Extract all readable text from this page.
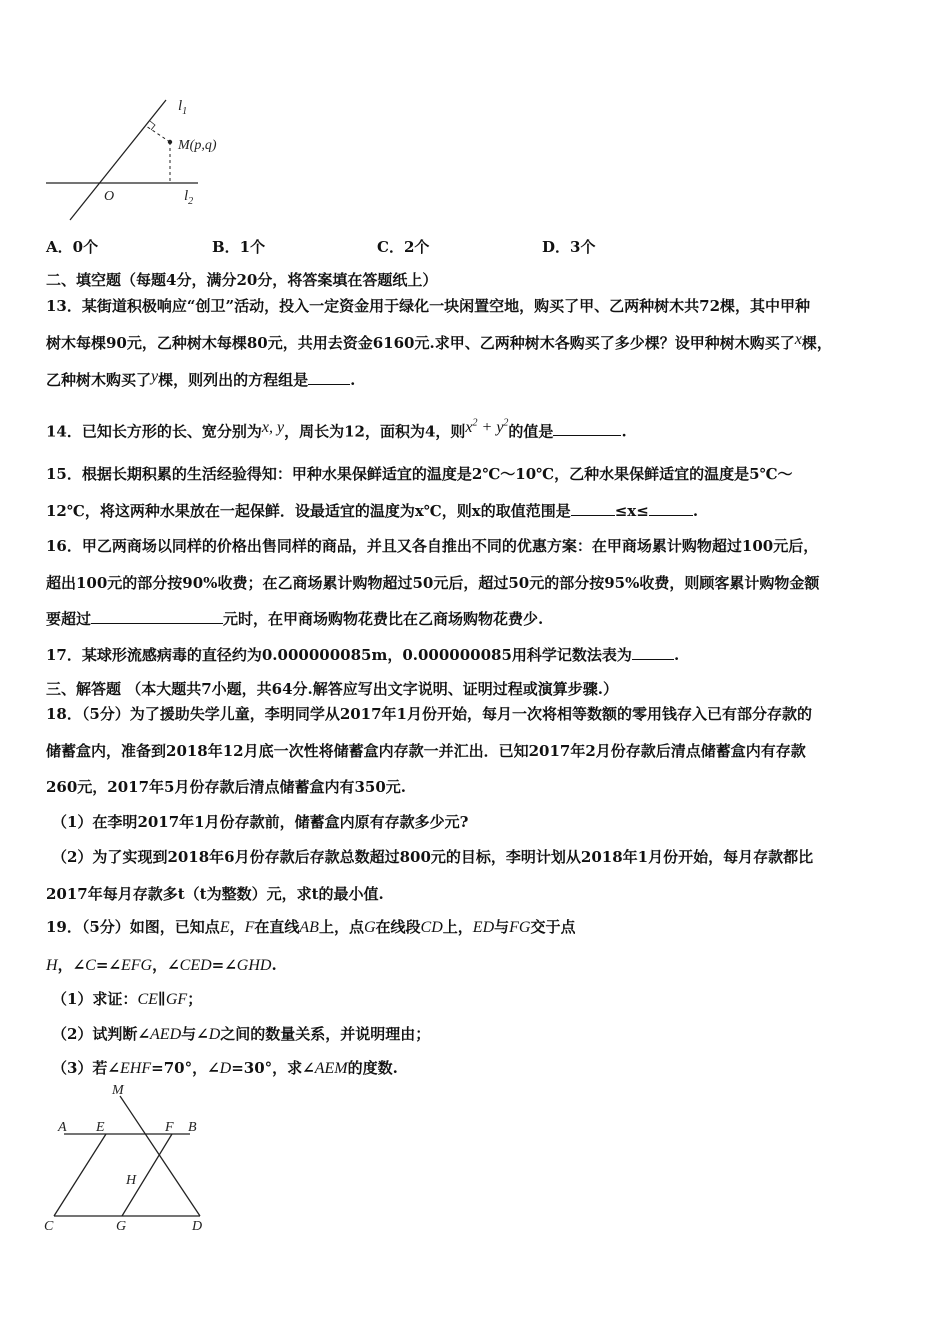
$l_1$
M(p,q)
O	$l_2$
A．0个	B．1个	C．2个	D．3个
二、填空题（每题4分，满分20分，将答案填在答题纸上）
13．某街道积极响应“创卫”活动，投入一定资金用于绿化一块闲置空地，购买了甲、乙两种树木共72棵，其中甲种
树木每棵90元，乙种树木每棵80元，共用去资金6160元.求甲、乙两种树木各购买了多少棵？设甲种树木购买了x棵，
乙种树木购买了y棵，则列出的方程组是	.
14．已知长方形的长、宽分别为x, y，周长为12，面积为4，则$x^2 + y^2$的值是	.
15．根据长期积累的生活经验得知：甲种水果保鲜适宜的温度是2℃～10℃，乙种水果保鲜适宜的温度是5℃～
12℃，将这两种水果放在一起保鲜．设最适宜的温度为x℃，则x的取值范围是	≤x≤	.
16．甲乙两商场以同样的价格出售同样的商品，并且又各自推出不同的优惠方案：在甲商场累计购物超过100元后，
超出100元的部分按90%收费；在乙商场累计购物超过50元后，超过50元的部分按95%收费，则顾客累计购物金额
要超过	元时，在甲商场购物花费比在乙商场购物花费少.
17．某球形流感病毒的直径约为0.000000085m，0.000000085用科学记数法表为	.
三、解答题 （本大题共7小题，共64分.解答应写出文字说明、证明过程或演算步骤.）
18．（5分）为了援助失学儿童，李明同学从2017年1月份开始，每月一次将相等数额的零用钱存入已有部分存款的
储蓄盒内，准备到2018年12月底一次性将储蓄盒内存款一并汇出．已知2017年2月份存款后清点储蓄盒内有存款
260元，2017年5月份存款后清点储蓄盒内有350元.
（1）在李明2017年1月份存款前，储蓄盒内原有存款多少元?
（2）为了实现到2018年6月份存款后存款总数超过800元的目标，李明计划从2018年1月份开始，每月存款都比
2017年每月存款多t（t为整数）元，求t的最小值.
19．（5分）如图，已知点E，F在直线AB上，点G在线段CD上，ED与FG交于点
H，∠C=∠EFG，∠CED=∠GHD.
（1）求证：CE∥GF；
（2）试判断∠AED与∠D之间的数量关系，并说明理由；
（3）若∠EHF=70°，∠D=30°，求∠AEM的度数.
M
A E	F B
H
C	G	D
